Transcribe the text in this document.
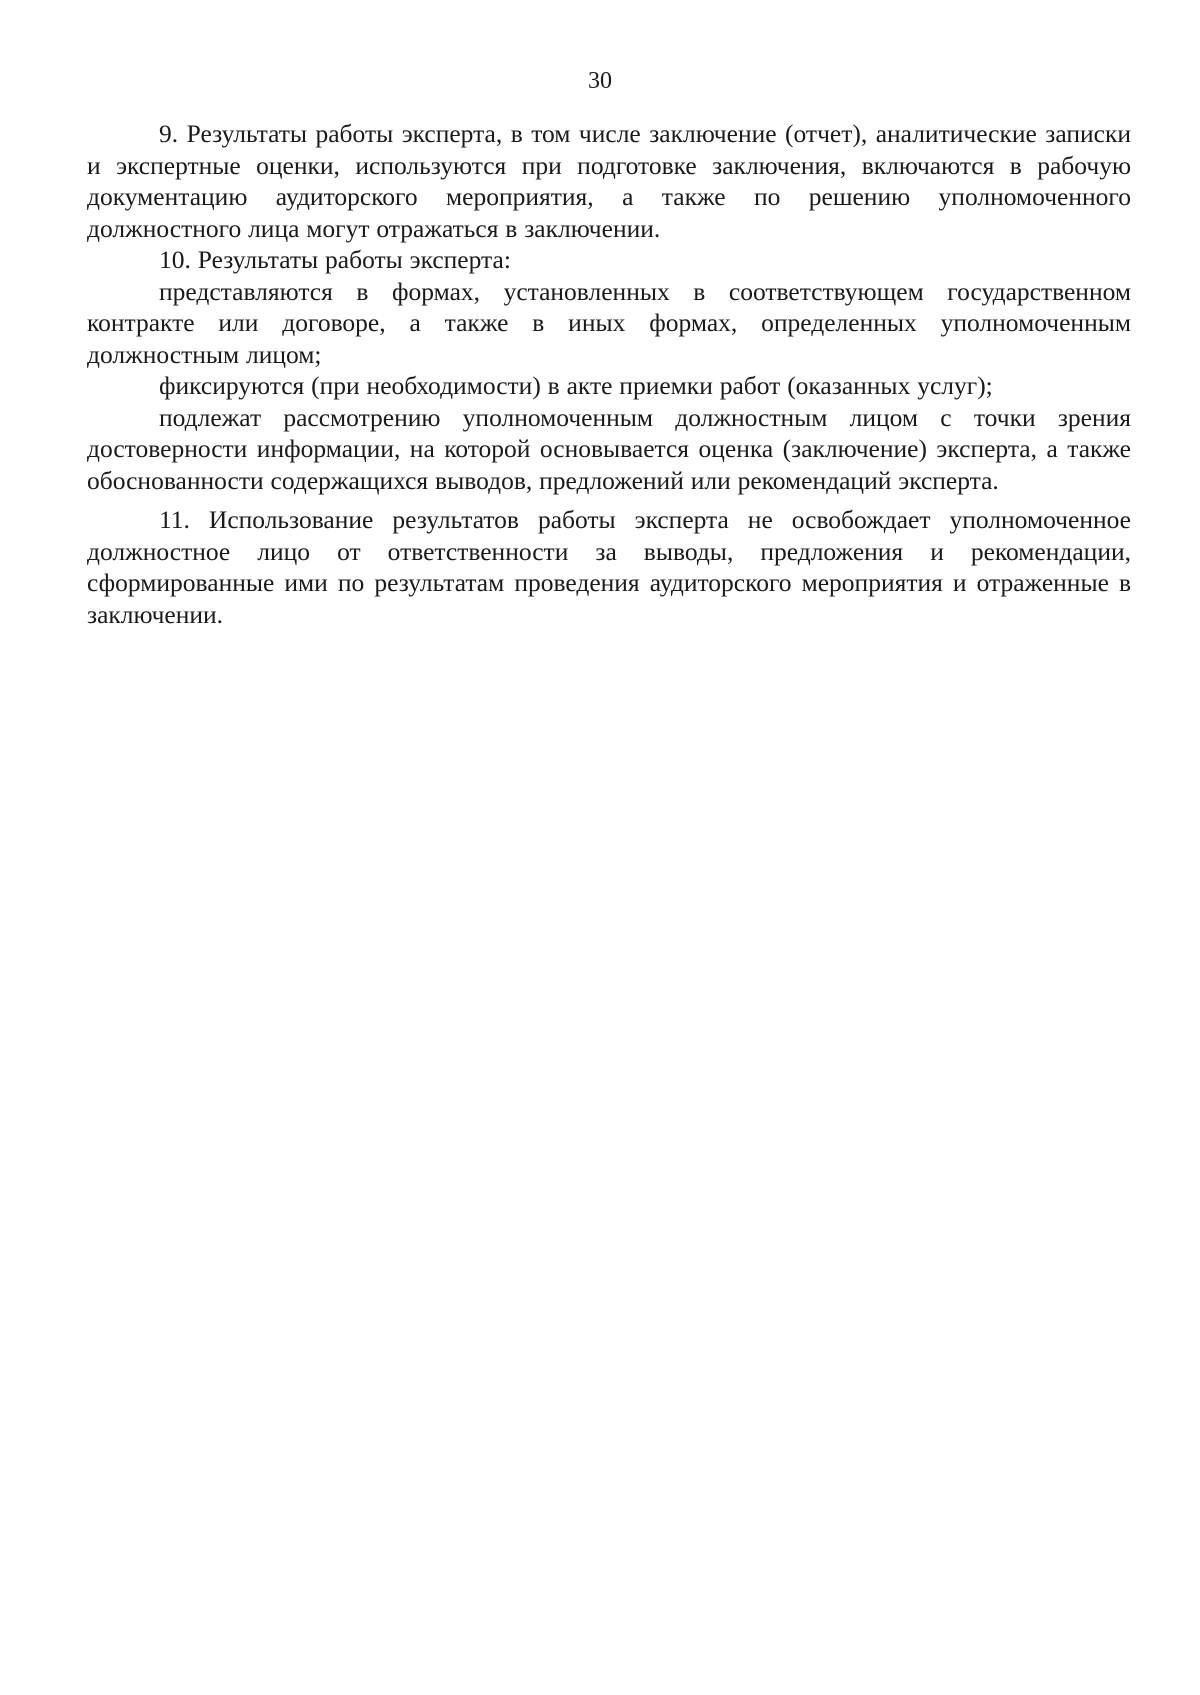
30

9. Результаты работы эксперта, в том числе заключение (отчет), аналитические записки и экспертные оценки, используются при подготовке заключения, включаются в рабочую документацию аудиторского мероприятия, а также по решению уполномоченного должностного лица могут отражаться в заключении.

10. Результаты работы эксперта:

представляются в формах, установленных в соответствующем государственном контракте или договоре, а также в иных формах, определенных уполномоченным должностным лицом;

фиксируются (при необходимости) в акте приемки работ (оказанных услуг);

подлежат рассмотрению уполномоченным должностным лицом с точки зрения достоверности информации, на которой основывается оценка (заключение) эксперта, а также обоснованности содержащихся выводов, предложений или рекомендаций эксперта.

11. Использование результатов работы эксперта не освобождает уполномоченное должностное лицо от ответственности за выводы, предложения и рекомендации, сформированные ими по результатам проведения аудиторского мероприятия и отраженные в заключении.
